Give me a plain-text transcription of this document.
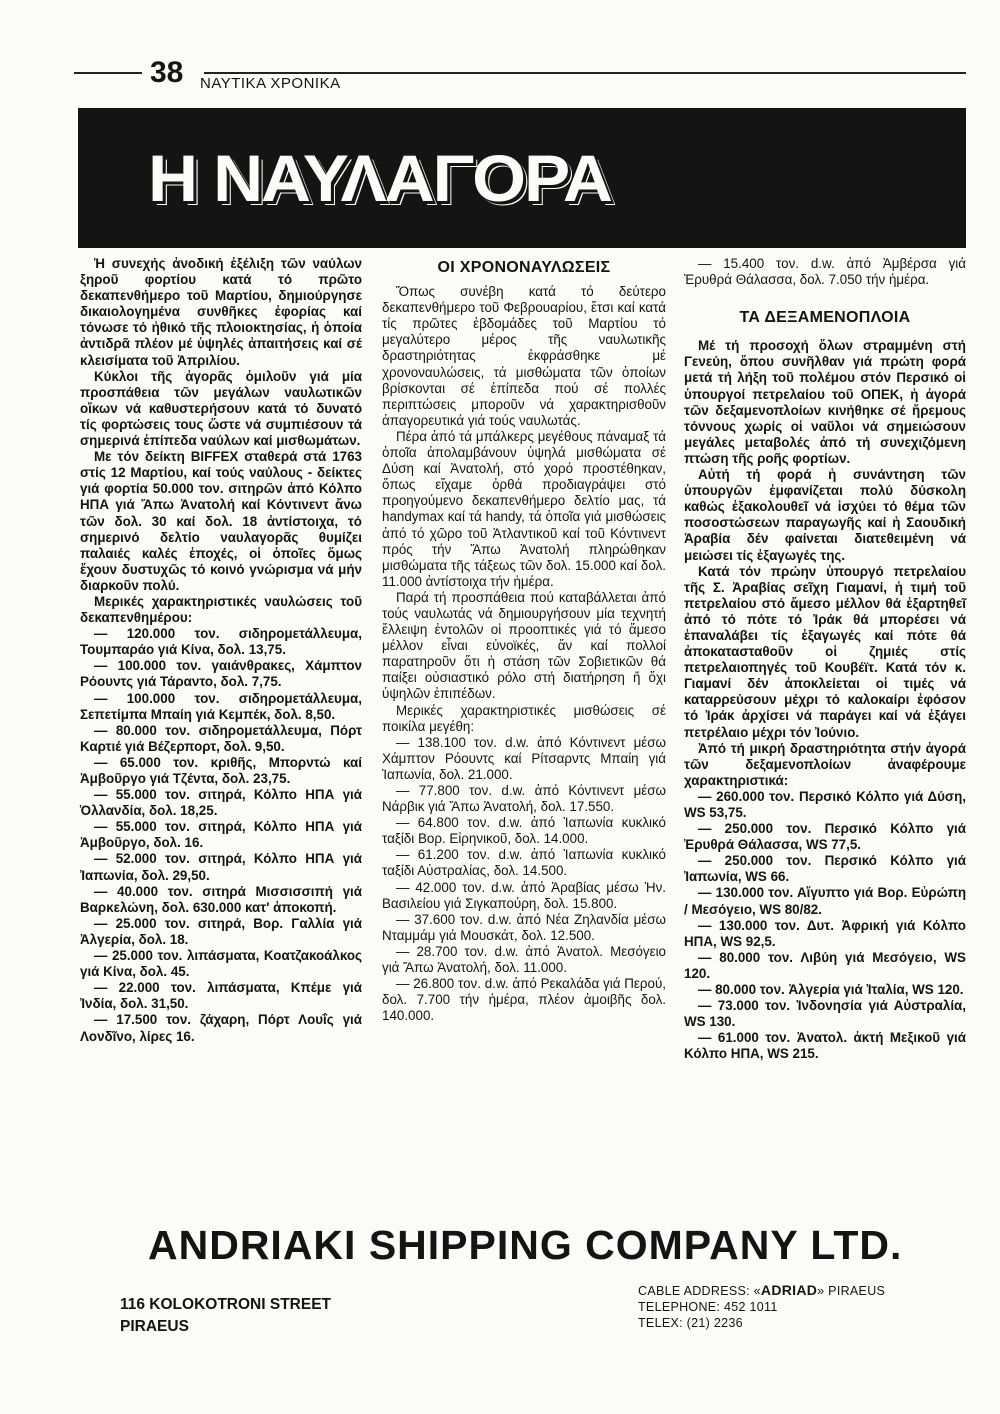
38 ΝΑΥΤΙΚΑ ΧΡΟΝΙΚΑ
Η ΝΑΥΛΑΓΟΡΑ

Ἡ συνεχής ἀνοδική ἐξέλιξη τῶν ναύλων ξηροῦ φορτίου κατά τό πρῶτο δεκαπενθήμερο τοῦ Μαρτίου, δημιούργησε δικαιολογημένα συνθῆκες ἐφορίας καί τόνωσε τό ἠθικό τῆς πλοιοκτησίας, ἡ ὁποία ἀντιδρᾶ πλέον μέ ὑψηλές ἀπαιτήσεις καί σέ κλεισίματα τοῦ Ἀπριλίου.

Κύκλοι τῆς ἀγορᾶς ὁμιλοῦν γιά μία προσπάθεια τῶν μεγάλων ναυλωτικῶν οἴκων νά καθυστερήσουν κατά τό δυνατό τίς φορτώσεις τους ὥστε νά συμπιέσουν τά σημερινά ἐπίπεδα ναύλων καί μισθωμάτων.

Με τόν δείκτη BIFFEX σταθερά στά 1763 στίς 12 Μαρτίου, καί τούς ναύλους - δείκτες γιά φορτία 50.000 τον. σιτηρῶν ἀπό Κόλπο ΗΠΑ γιά Ἄπω Ἀνατολή καί Κόντινεντ ἄνω τῶν δολ. 30 καί δολ. 18 ἀντίστοιχα, τό σημερινό δελτίο ναυλαγορᾶς θυμίζει παλαιές καλές ἐποχές, οἱ ὁποῖες ὅμως ἔχουν δυστυχῶς τό κοινό γνώρισμα νά μήν διαρκοῦν πολύ.

Μερικές χαρακτηριστικές ναυλώσεις τοῦ δεκαπενθημέρου:

— 120.000 τον. σιδηρομετάλλευμα, Τουμπαράο γιά Κίνα, δολ. 13,75.

— 100.000 τον. γαιάνθρακες, Χάμπτον Ρόουντς γιά Τάραντο, δολ. 7,75.

— 100.000 τον. σιδηρομετάλλευμα, Σεπετίμπα Μπαίη γιά Κεμπέκ, δολ. 8,50.

— 80.000 τον. σιδηρομετάλλευμα, Πόρτ Καρτιέ γιά Βέζερπορτ, δολ. 9,50.

— 65.000 τον. κριθῆς, Μπορντώ καί Ἀμβοῦργο γιά Τζέντα, δολ. 23,75.

— 55.000 τον. σιτηρά, Κόλπο ΗΠΑ γιά Ὁλλανδία, δολ. 18,25.

— 55.000 τον. σιτηρά, Κόλπο ΗΠΑ γιά Ἀμβοῦργο, δολ. 16.

— 52.000 τον. σιτηρά, Κόλπο ΗΠΑ γιά Ἰαπωνία, δολ. 29,50.

— 40.000 τον. σιτηρά Μισσισσιπή γιά Βαρκελώνη, δολ. 630.000 κατ' ἀποκοπή.

— 25.000 τον. σιτηρά, Βορ. Γαλλία γιά Ἀλγερία, δολ. 18.

— 25.000 τον. λιπάσματα, Κοατζακοάλκος γιά Κίνα, δολ. 45.

— 22.000 τον. λιπάσματα, Κπέμε γιά Ἰνδία, δολ. 31,50.

— 17.500 τον. ζάχαρη, Πόρτ Λουΐς γιά Λονδῖνο, λίρες 16.

ΟΙ ΧΡΟΝΟΝΑΥΛΩΣΕΙΣ

Ὅπως συνέβη κατά τό δεύτερο δεκαπενθήμερο τοῦ Φεβρουαρίου, ἔτσι καί κατά τίς πρῶτες ἑβδομάδες τοῦ Μαρτίου τό μεγαλύτερο μέρος τῆς ναυλωτικῆς δραστηριότητας ἐκφράσθηκε μέ χρονοναυλώσεις, τά μισθώματα τῶν ὁποίων βρίσκονται σέ ἐπίπεδα πού σέ πολλές περιπτώσεις μποροῦν νά χαρακτηρισθοῦν ἀπαγορευτικά γιά τούς ναυλωτάς.

Πέρα ἀπό τά μπάλκερς μεγέθους πάναμαξ τά ὁποῖα ἀπολαμβάνουν ὑψηλά μισθώματα σέ Δύση καί Ἀνατολή, στό χορό προστέθηκαν, ὅπως εἴχαμε ὀρθά προδιαγράψει στό προηγούμενο δεκαπενθήμερο δελτίο μας, τά handymax καί τά handy, τά ὁποῖα γιά μισθώσεις ἀπό τό χῶρο τοῦ Ἀτλαντικοῦ καί τοῦ Κόντινεντ πρός τήν Ἄπω Ἀνατολή πληρώθηκαν μισθώματα τῆς τάξεως τῶν δολ. 15.000 καί δολ. 11.000 ἀντίστοιχα τήν ἡμέρα.

Παρά τή προσπάθεια πού καταβάλλεται ἀπό τούς ναυλωτάς νά δημιουργήσουν μία τεχνητή ἔλλειψη ἐντολῶν οἱ προοπτικές γιά τό ἄμεσο μέλλον εἶναι εὐνοϊκές, ἄν καί πολλοί παρατηροῦν ὅτι ἡ στάση τῶν Σοβιετικῶν θά παίξει οὐσιαστικό ρόλο στή διατήρηση ἤ ὄχι ὑψηλῶν ἐπιπέδων.

Μερικές χαρακτηριστικές μισθώσεις σέ ποικίλα μεγέθη:

— 138.100 τον. d.w. ἀπό Κόντινεντ μέσω Χάμπτον Ρόουντς καί Ρίτσαρντς Μπαίη γιά Ἰαπωνία, δολ. 21.000.

— 77.800 τον. d.w. ἀπό Κόντινεντ μέσω Νάρβικ γιά Ἄπω Ἀνατολή, δολ. 17.550.

— 64.800 τον. d.w. ἀπό Ἰαπωνία κυκλικό ταξίδι Βορ. Εἰρηνικοῦ, δολ. 14.000.

— 61.200 τον. d.w. ἀπό Ἰαπωνία κυκλικό ταξίδι Αὐστραλίας, δολ. 14.500.

— 42.000 τον. d.w. ἀπό Ἀραβίας μέσω Ἠν. Βασιλείου γιά Σιγκαπούρη, δολ. 15.800.

— 37.600 τον. d.w. ἀπό Νέα Ζηλανδία μέσω Νταμμάμ γιά Μουσκάτ, δολ. 12.500.

— 28.700 τον. d.w. ἀπό Ἀνατολ. Μεσόγειο γιά Ἄπω Ἀνατολή, δολ. 11.000.

— 26.800 τον. d.w. ἀπό Ρεκαλάδα γιά Περού, δολ. 7.700 τήν ἡμέρα, πλέον ἀμοιβῆς δολ. 140.000.

— 15.400 τον. d.w. ἀπό Ἀμβέρσα γιά Ἐρυθρά Θάλασσα, δολ. 7.050 τήν ἡμέρα.

ΤΑ ΔΕΞΑΜΕΝΟΠΛΟΙΑ

Μέ τή προσοχή ὅλων στραμμένη στή Γενεύη, ὅπου συνῆλθαν γιά πρώτη φορά μετά τή λήξη τοῦ πολέμου στόν Περσικό οἱ ὑπουργοί πετρελαίου τοῦ ΟΠΕΚ, ἡ ἀγορά τῶν δεξαμενοπλοίων κινήθηκε σέ ἤρεμους τόννους χωρίς οἱ ναῦλοι νά σημειώσουν μεγάλες μεταβολές ἀπό τή συνεχιζόμενη πτώση τῆς ροῆς φορτίων.

Αὐτή τή φορά ἡ συνάντηση τῶν ὑπουργῶν ἐμφανίζεται πολύ δύσκολη καθώς ἐξακολουθεῖ νά ἰσχύει τό θέμα τῶν ποσοστώσεων παραγωγῆς καί ἡ Σαουδική Ἀραβία δέν φαίνεται διατεθειμένη νά μειώσει τίς ἐξαγωγές της.

Κατά τόν πρώην ὑπουργό πετρελαίου τῆς Σ. Ἀραβίας σεῖχη Γιαμανί, ἡ τιμή τοῦ πετρελαίου στό ἄμεσο μέλλον θά ἐξαρτηθεῖ ἀπό τό πότε τό Ἰράκ θά μπορέσει νά ἐπαναλάβει τίς ἐξαγωγές καί πότε θά ἀποκατασταθοῦν οἱ ζημιές στίς πετρελαιοπηγές τοῦ Κουβέϊτ. Κατά τόν κ. Γιαμανί δέν ἀποκλείεται οἱ τιμές νά καταρρεύσουν μέχρι τό καλοκαίρι ἐφόσον τό Ἰράκ ἀρχίσει νά παράγει καί νά ἐξάγει πετρέλαιο μέχρι τόν Ἰούνιο.

Ἀπό τή μικρή δραστηριότητα στήν ἀγορά τῶν δεξαμενοπλοίων ἀναφέρουμε χαρακτηριστικά:

— 260.000 τον. Περσικό Κόλπο γιά Δύση, WS 53,75.

— 250.000 τον. Περσικό Κόλπο γιά Ἐρυθρά Θάλασσα, WS 77,5.

— 250.000 τον. Περσικό Κόλπο γιά Ἰαπωνία, WS 66.

— 130.000 τον. Αἴγυπτο γιά Βορ. Εὐρώπη / Μεσόγειο, WS 80/82.

— 130.000 τον. Δυτ. Ἀφρική γιά Κόλπο ΗΠΑ, WS 92,5.

— 80.000 τον. Λιβύη γιά Μεσόγειο, WS 120.

— 80.000 τον. Ἀλγερία γιά Ἰταλία, WS 120.

— 73.000 τον. Ἰνδονησία γιά Αὐστραλία, WS 130.

— 61.000 τον. Ἀνατολ. ἀκτή Μεξικοῦ γιά Κόλπο ΗΠΑ, WS 215.

ANDRIAKI SHIPPING COMPANY LTD.
116 KOLOKOTRONI STREET
PIRAEUS
CABLE ADDRESS: «ADRIAD» PIRAEUS
TELEPHONE: 452 1011
TELEX: (21) 2236
